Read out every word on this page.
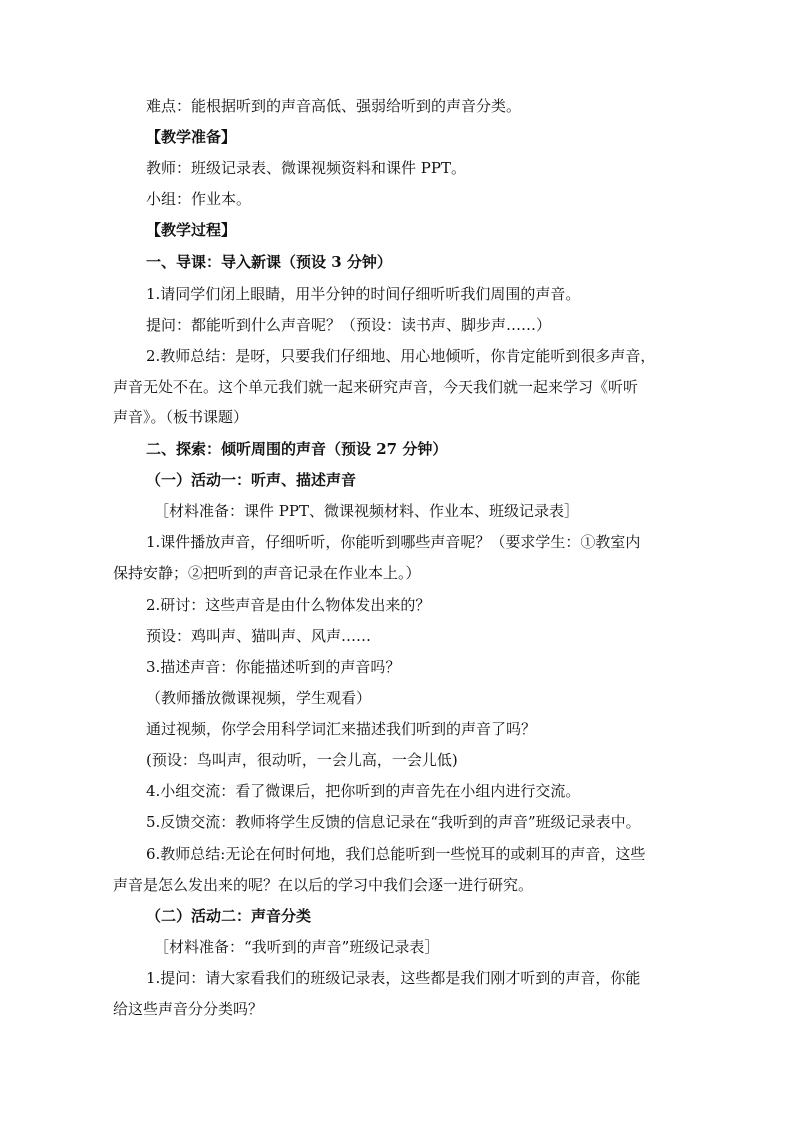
难点：能根据听到的声音高低、强弱给听到的声音分类。
【教学准备】
教师：班级记录表、微课视频资料和课件 PPT。
小组：作业本。
【教学过程】
一、导课：导入新课（预设 3 分钟）
1.请同学们闭上眼睛，用半分钟的时间仔细听听我们周围的声音。
提问：都能听到什么声音呢？（预设：读书声、脚步声……）
2.教师总结：是呀，只要我们仔细地、用心地倾听，你肯定能听到很多声音，
声音无处不在。这个单元我们就一起来研究声音，今天我们就一起来学习《听听
声音》。（板书课题）
二、探索：倾听周围的声音（预设 27 分钟）
（一）活动一：听声、描述声音
［材料准备：课件 PPT、微课视频材料、作业本、班级记录表］
1.课件播放声音，仔细听听，你能听到哪些声音呢？（要求学生：①教室内
保持安静；②把听到的声音记录在作业本上。）
2.研讨：这些声音是由什么物体发出来的？
预设：鸡叫声、猫叫声、风声……
3.描述声音：你能描述听到的声音吗？
（教师播放微课视频，学生观看）
通过视频，你学会用科学词汇来描述我们听到的声音了吗？
(预设：鸟叫声，很动听，一会儿高，一会儿低)
4.小组交流：看了微课后，把你听到的声音先在小组内进行交流。
5.反馈交流：教师将学生反馈的信息记录在“我听到的声音”班级记录表中。
6.教师总结:无论在何时何地，我们总能听到一些悦耳的或刺耳的声音，这些
声音是怎么发出来的呢？在以后的学习中我们会逐一进行研究。
（二）活动二：声音分类
［材料准备：“我听到的声音”班级记录表］
1.提问：请大家看我们的班级记录表，这些都是我们刚才听到的声音，你能
给这些声音分分类吗？
